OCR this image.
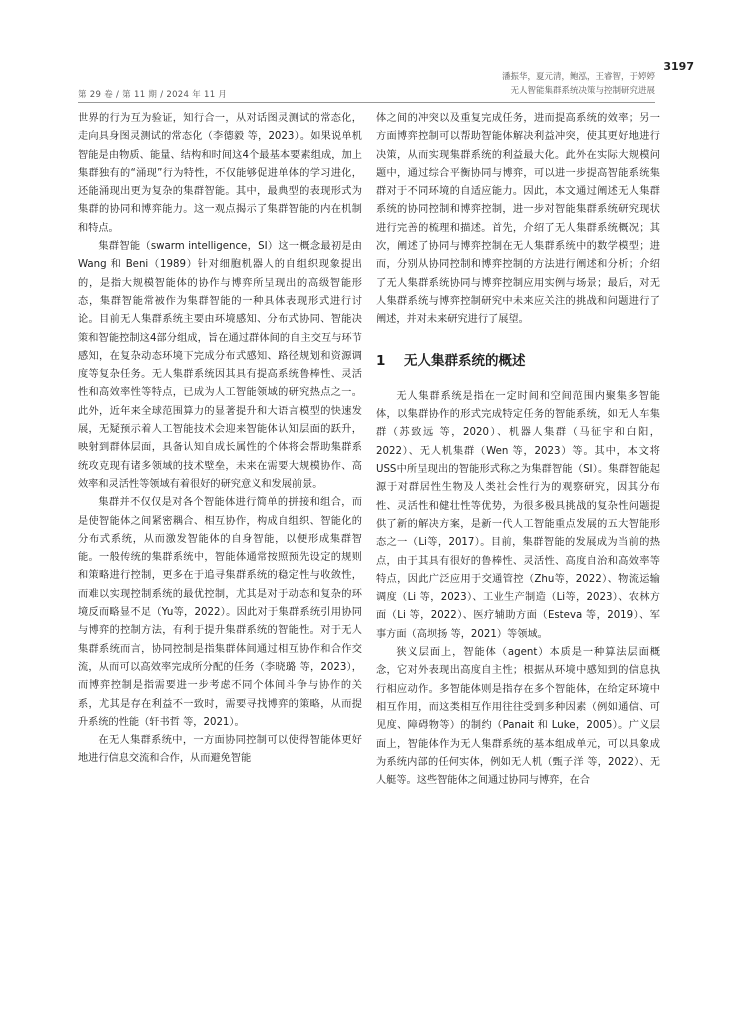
3197
第 29 卷 / 第 11 期 / 2024 年 11 月
潘振华，夏元清，鲍泓，王睿智，于婷婷
无人智能集群系统决策与控制研究进展

世界的行为互为验证，知行合一，从对话图灵测试的常态化，走向具身图灵测试的常态化（李德毅 等，2023）。如果说单机智能是由物质、能量、结构和时间这4个最基本要素组成，加上集群独有的“涌现”行为特性，不仅能够促进单体的学习进化，还能涌现出更为复杂的集群智能。其中，最典型的表现形式为集群的协同和博弈能力。这一观点揭示了集群智能的内在机制和特点。

集群智能（swarm intelligence，SI）这一概念最初是由 Wang 和 Beni（1989）针对细胞机器人的自组织现象提出的，是指大规模智能体的协作与博弈所呈现出的高级智能形态，集群智能常被作为集群智能的一种具体表现形式进行讨论。目前无人集群系统主要由环境感知、分布式协同、智能决策和智能控制这4部分组成，旨在通过群体间的自主交互与环节感知，在复杂动态环境下完成分布式感知、路径规划和资源调度等复杂任务。无人集群系统因其具有提高系统鲁棒性、灵活性和高效率性等特点，已成为人工智能领域的研究热点之一。此外，近年来全球范围算力的显著提升和大语言模型的快速发展，无疑预示着人工智能技术会迎来智能体认知层面的跃升，映射到群体层面，具备认知自成长属性的个体将会帮助集群系统攻克现有诸多领域的技术壁垒，未来在需要大规模协作、高效率和灵活性等领域有着很好的研究意义和发展前景。

集群并不仅仅是对各个智能体进行简单的拼接和组合，而是使智能体之间紧密耦合、相互协作，构成自组织、智能化的分布式系统，从而激发智能体的自身智能，以便形成集群智能。一般传统的集群系统中，智能体通常按照预先设定的规则和策略进行控制，更多在于追寻集群系统的稳定性与收敛性，而难以实现控制系统的最优控制，尤其是对于动态和复杂的环境反而略显不足（Yu等，2022）。因此对于集群系统引用协同与博弈的控制方法，有利于提升集群系统的智能性。对于无人集群系统而言，协同控制是指集群体间通过相互协作和合作交流，从而可以高效率完成所分配的任务（李晓璐 等，2023），而博弈控制是指需要进一步考虑不同个体间斗争与协作的关系，尤其是存在利益不一致时，需要寻找博弈的策略，从而提升系统的性能（轩书哲 等，2021）。

在无人集群系统中，一方面协同控制可以使得智能体更好地进行信息交流和合作，从而避免智能

体之间的冲突以及重复完成任务，进而提高系统的效率；另一方面博弈控制可以帮助智能体解决利益冲突，使其更好地进行决策，从而实现集群系统的利益最大化。此外在实际大规模问题中，通过综合平衡协同与博弈，可以进一步提高智能系统集群对于不同环境的自适应能力。因此，本文通过阐述无人集群系统的协同控制和博弈控制，进一步对智能集群系统研究现状进行完善的梳理和描述。首先，介绍了无人集群系统概况；其次，阐述了协同与博弈控制在无人集群系统中的数学模型；进而，分别从协同控制和博弈控制的方法进行阐述和分析；介绍了无人集群系统协同与博弈控制应用实例与场景；最后，对无人集群系统与博弈控制研究中未来应关注的挑战和问题进行了阐述，并对未来研究进行了展望。

1 无人集群系统的概述

无人集群系统是指在一定时间和空间范围内聚集多智能体，以集群协作的形式完成特定任务的智能系统，如无人车集群（苏致远 等，2020）、机器人集群（马征宇和白阳，2022）、无人机集群（Wen 等，2023）等。其中，本文将USS中所呈现出的智能形式称之为集群智能（SI）。集群智能起源于对群居性生物及人类社会性行为的观察研究，因其分布性、灵活性和健壮性等优势，为很多极具挑战的复杂性问题提供了新的解决方案，是新一代人工智能重点发展的五大智能形态之一（Li等，2017）。目前，集群智能的发展成为当前的热点，由于其具有很好的鲁棒性、灵活性、高度自治和高效率等特点，因此广泛应用于交通管控（Zhu等，2022）、物流运输调度（Li 等，2023）、工业生产制造（Li等，2023）、农林方面（Li 等，2022）、医疗辅助方面（Esteva 等，2019）、军事方面（高坝扬 等，2021）等领域。

狭义层面上，智能体（agent）本质是一种算法层面概念，它对外表现出高度自主性；根据从环境中感知到的信息执行相应动作。多智能体则是指存在多个智能体，在给定环境中相互作用，而这类相互作用往往受到多种因素（例如通信、可见度、障碍物等）的制约（Panait 和 Luke，2005）。广义层面上，智能体作为无人集群系统的基本组成单元，可以具象成为系统内部的任何实体，例如无人机（甄子洋 等，2022）、无人艇等。这些智能体之间通过协同与博弈，在合
